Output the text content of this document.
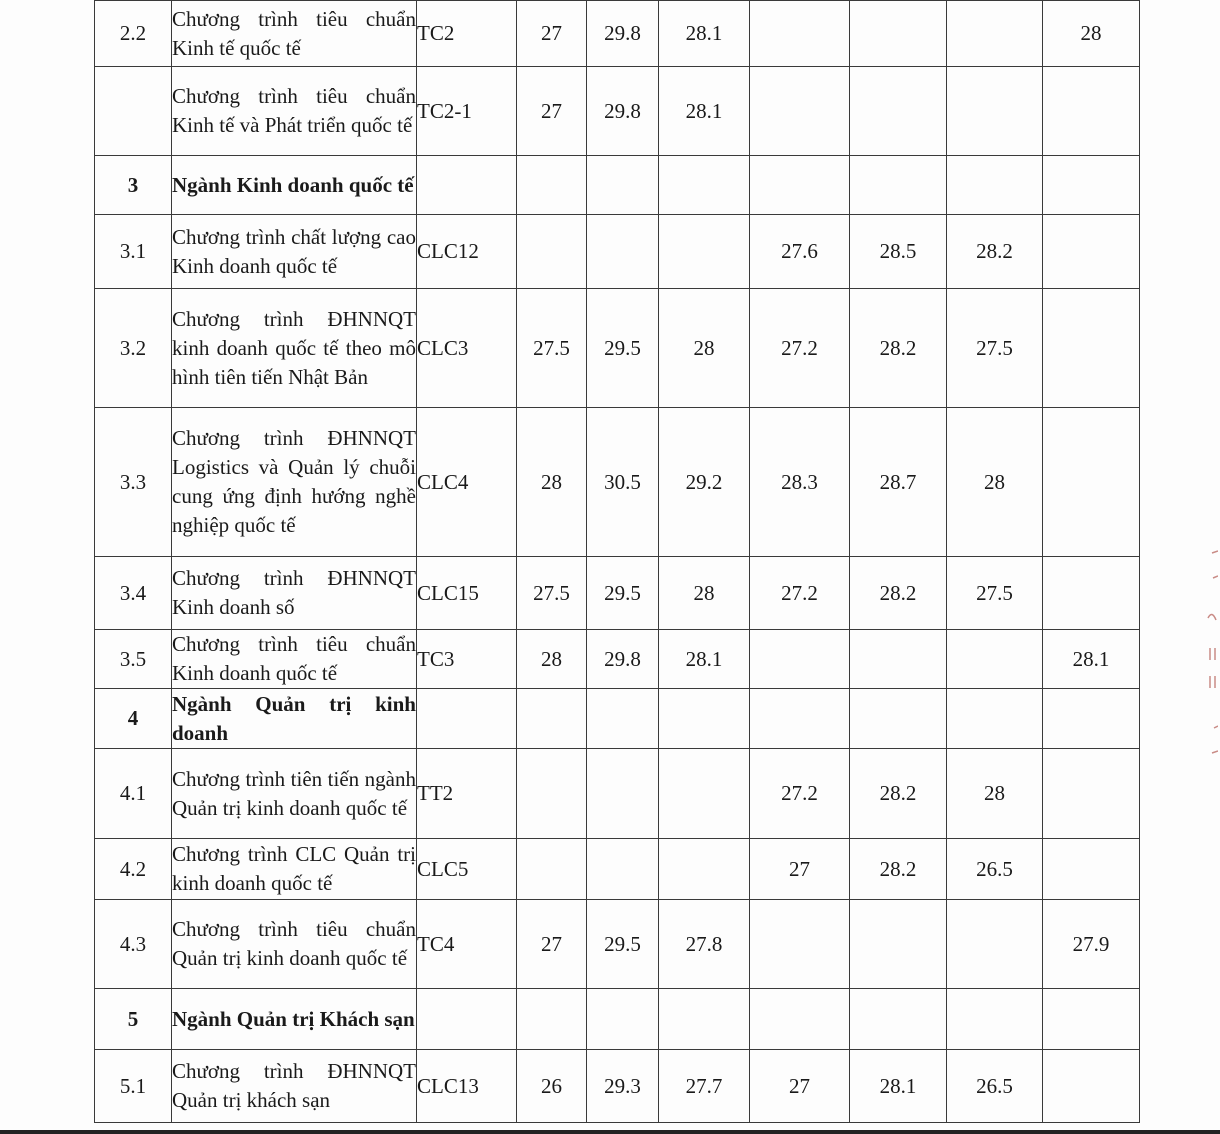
2.2	Chương trình tiêu chuẩn Kinh tế quốc tế	TC2	27	29.8	28.1				28
	Chương trình tiêu chuẩn Kinh tế và Phát triển quốc tế	TC2-1	27	29.8	28.1				
3	Ngành Kinh doanh quốc tế								
3.1	Chương trình chất lượng cao Kinh doanh quốc tế	CLC12				27.6	28.5	28.2	
3.2	Chương trình ĐHNNQT kinh doanh quốc tế theo mô hình tiên tiến Nhật Bản	CLC3	27.5	29.5	28	27.2	28.2	27.5	
3.3	Chương trình ĐHNNQT Logistics và Quản lý chuỗi cung ứng định hướng nghề nghiệp quốc tế	CLC4	28	30.5	29.2	28.3	28.7	28	
3.4	Chương trình ĐHNNQT Kinh doanh số	CLC15	27.5	29.5	28	27.2	28.2	27.5	
3.5	Chương trình tiêu chuẩn Kinh doanh quốc tế	TC3	28	29.8	28.1				28.1
4	Ngành Quản trị kinh doanh								
4.1	Chương trình tiên tiến ngành Quản trị kinh doanh quốc tế	TT2				27.2	28.2	28	
4.2	Chương trình CLC Quản trị kinh doanh quốc tế	CLC5				27	28.2	26.5	
4.3	Chương trình tiêu chuẩn Quản trị kinh doanh quốc tế	TC4	27	29.5	27.8				27.9
5	Ngành Quản trị Khách sạn								
5.1	Chương trình ĐHNNQT Quản trị khách sạn	CLC13	26	29.3	27.7	27	28.1	26.5	
